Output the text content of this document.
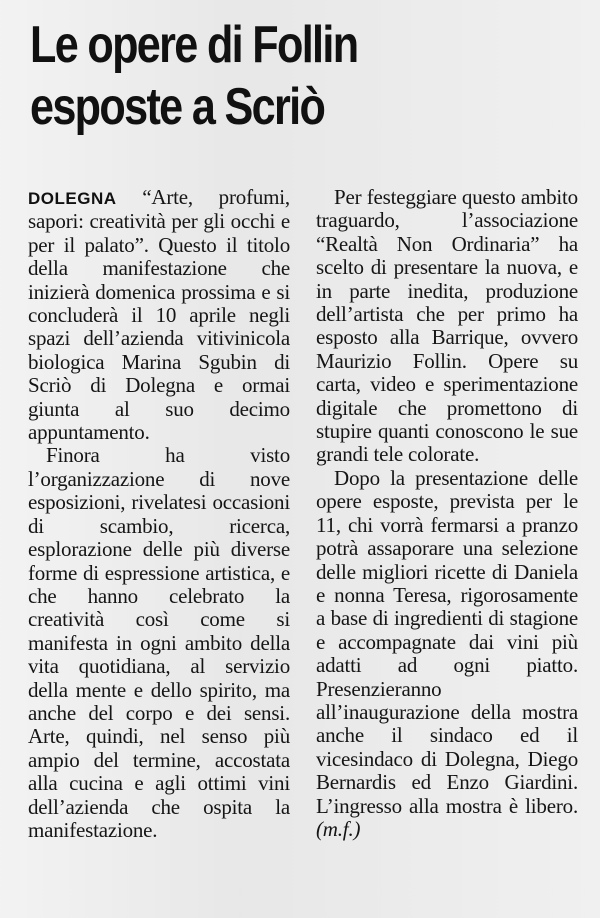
Le opere di Follin
esposte a Scriò

DOLEGNA “Arte, profumi, sapori: creatività per gli occhi e per il palato”. Questo il titolo della manifestazione che inizierà domenica prossima e si concluderà il 10 aprile negli spazi dell’azienda vitivinicola biologica Marina Sgubin di Scriò di Dolegna e ormai giunta al suo decimo appuntamento.

Finora ha visto l’organizzazione di nove esposizioni, rivelatesi occasioni di scambio, ricerca, esplorazione delle più diverse forme di espressione artistica, e che hanno celebrato la creatività così come si manifesta in ogni ambito della vita quotidiana, al servizio della mente e dello spirito, ma anche del corpo e dei sensi. Arte, quindi, nel senso più ampio del termine, accostata alla cucina e agli ottimi vini dell’azienda che ospita la manifestazione.

Per festeggiare questo ambito traguardo, l’associazione “Realtà Non Ordinaria” ha scelto di presentare la nuova, e in parte inedita, produzione dell’artista che per primo ha esposto alla Barrique, ovvero Maurizio Follin. Opere su carta, video e sperimentazione digitale che promettono di stupire quanti conoscono le sue grandi tele colorate.

Dopo la presentazione delle opere esposte, prevista per le 11, chi vorrà fermarsi a pranzo potrà assaporare una selezione delle migliori ricette di Daniela e nonna Teresa, rigorosamente a base di ingredienti di stagione e accompagnate dai vini più adatti ad ogni piatto. Presenzieranno all’inaugurazione della mostra anche il sindaco ed il vicesindaco di Dolegna, Diego Bernardis ed Enzo Giardini. L’ingresso alla mostra è libero. (m.f.)
